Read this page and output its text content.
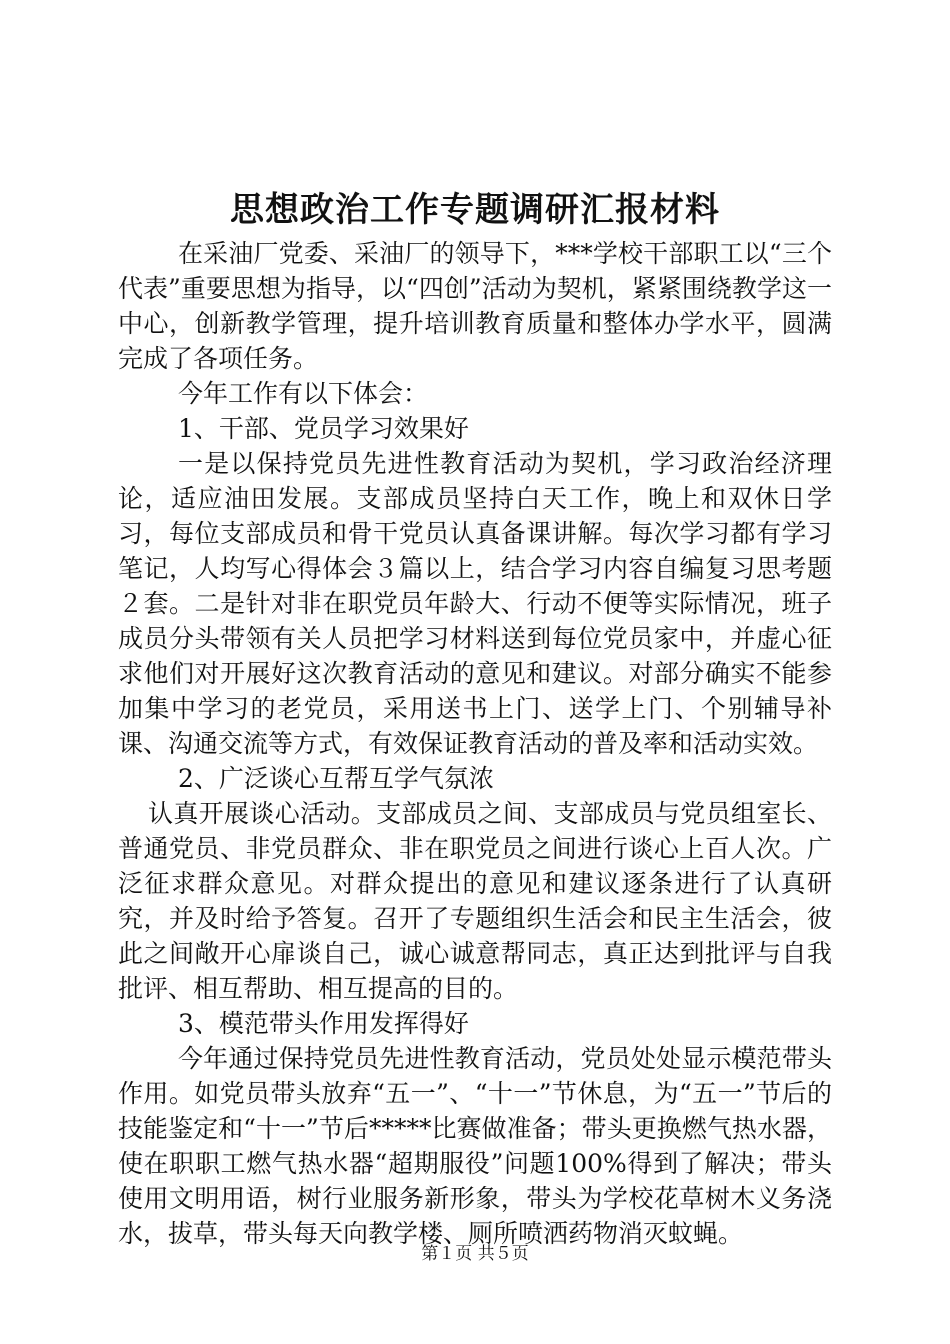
思想政治工作专题调研汇报材料

在采油厂党委、采油厂的领导下，***学校干部职工以“三个代表”重要思想为指导，以“四创”活动为契机，紧紧围绕教学这一中心，创新教学管理，提升培训教育质量和整体办学水平，圆满完成了各项任务。

今年工作有以下体会：

1、干部、党员学习效果好

一是以保持党员先进性教育活动为契机，学习政治经济理论，适应油田发展。支部成员坚持白天工作，晚上和双休日学习，每位支部成员和骨干党员认真备课讲解。每次学习都有学习笔记，人均写心得体会３篇以上，结合学习内容自编复习思考题２套。二是针对非在职党员年龄大、行动不便等实际情况，班子成员分头带领有关人员把学习材料送到每位党员家中，并虚心征求他们对开展好这次教育活动的意见和建议。对部分确实不能参加集中学习的老党员，采用送书上门、送学上门、个别辅导补课、沟通交流等方式，有效保证教育活动的普及率和活动实效。

2、广泛谈心互帮互学气氛浓

认真开展谈心活动。支部成员之间、支部成员与党员组室长、普通党员、非党员群众、非在职党员之间进行谈心上百人次。广泛征求群众意见。对群众提出的意见和建议逐条进行了认真研究，并及时给予答复。召开了专题组织生活会和民主生活会，彼此之间敞开心扉谈自己，诚心诚意帮同志，真正达到批评与自我批评、相互帮助、相互提高的目的。

3、模范带头作用发挥得好

今年通过保持党员先进性教育活动，党员处处显示模范带头作用。如党员带头放弃“五一”、“十一”节休息，为“五一”节后的技能鉴定和“十一”节后*****比赛做准备；带头更换燃气热水器，使在职职工燃气热水器“超期服役”问题100%得到了解决；带头使用文明用语，树行业服务新形象，带头为学校花草树木义务浇水，拔草，带头每天向教学楼、厕所喷洒药物消灭蚊蝇。

第１页 共５页
